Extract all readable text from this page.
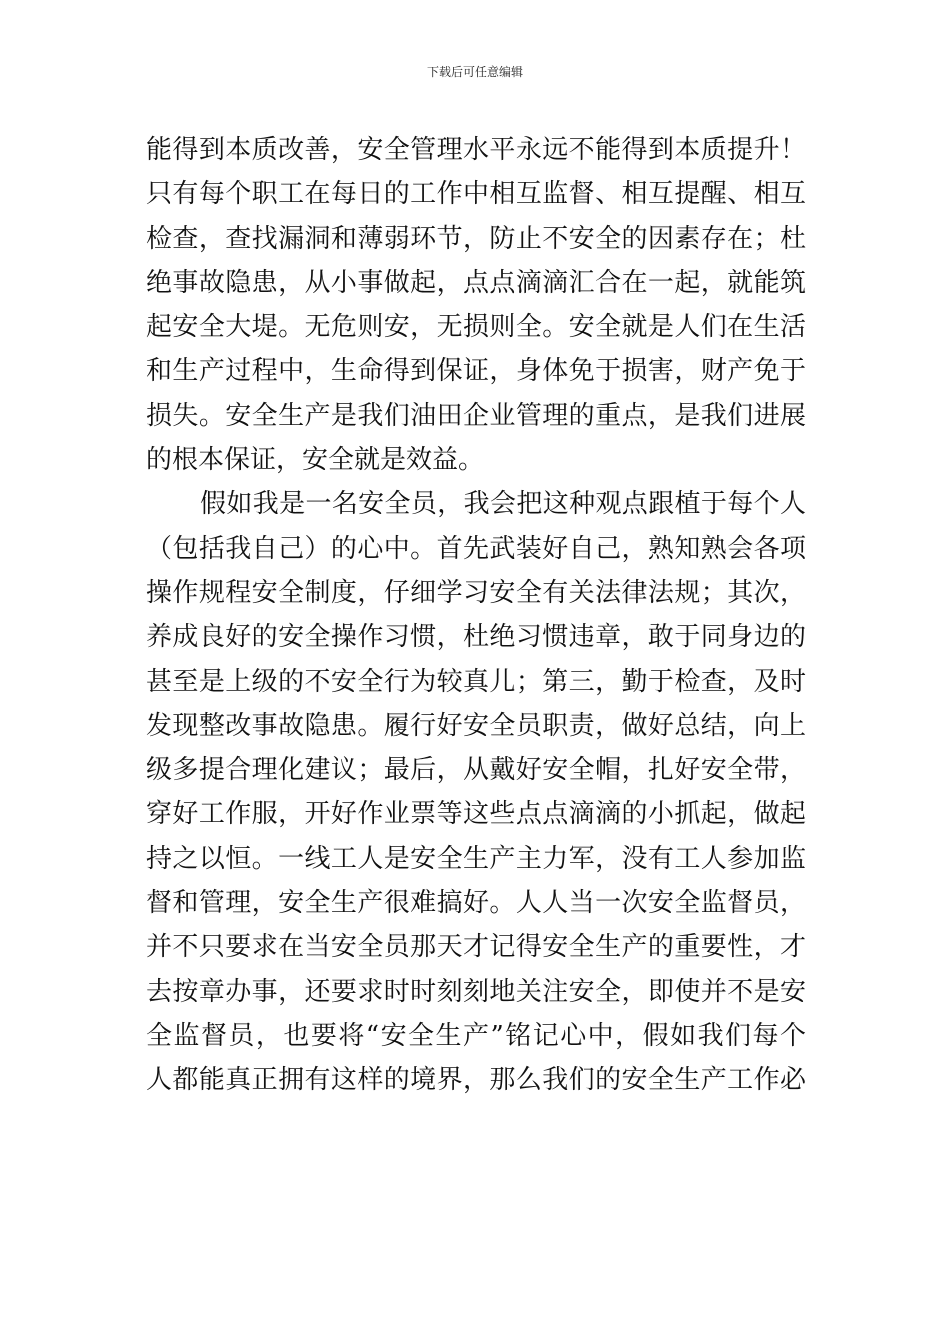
下载后可任意编辑
能得到本质改善，安全管理水平永远不能得到本质提升！
只有每个职工在每日的工作中相互监督、相互提醒、相互
检查，查找漏洞和薄弱环节，防止不安全的因素存在；杜
绝事故隐患，从小事做起，点点滴滴汇合在一起，就能筑
起安全大堤。无危则安，无损则全。安全就是人们在生活
和生产过程中，生命得到保证，身体免于损害，财产免于
损失。安全生产是我们油田企业管理的重点，是我们进展
的根本保证，安全就是效益。
假如我是一名安全员，我会把这种观点跟植于每个人
（包括我自己）的心中。首先武装好自己，熟知熟会各项
操作规程安全制度，仔细学习安全有关法律法规；其次，
养成良好的安全操作习惯，杜绝习惯违章，敢于同身边的
甚至是上级的不安全行为较真儿；第三，勤于检查，及时
发现整改事故隐患。履行好安全员职责，做好总结，向上
级多提合理化建议；最后，从戴好安全帽，扎好安全带，
穿好工作服，开好作业票等这些点点滴滴的小抓起，做起
持之以恒。一线工人是安全生产主力军，没有工人参加监
督和管理，安全生产很难搞好。人人当一次安全监督员，
并不只要求在当安全员那天才记得安全生产的重要性，才
去按章办事，还要求时时刻刻地关注安全，即使并不是安
全监督员，也要将“安全生产”铭记心中，假如我们每个
人都能真正拥有这样的境界，那么我们的安全生产工作必
